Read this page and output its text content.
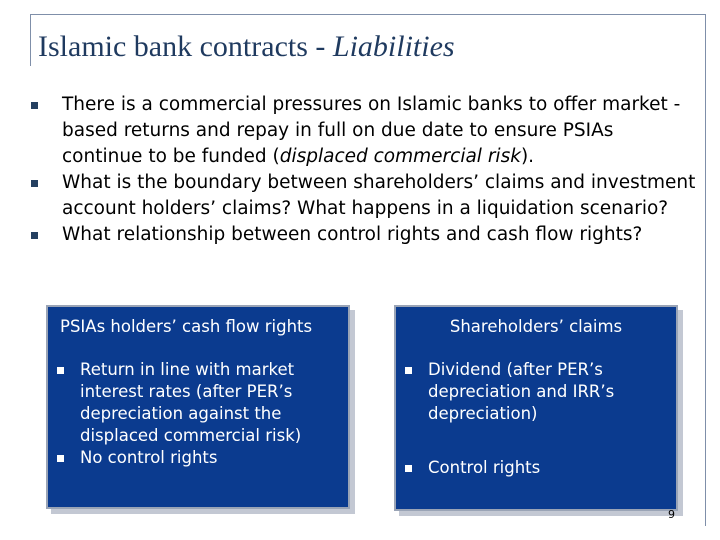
Islamic bank contracts - Liabilities
There is a commercial pressures on Islamic banks to offer market -based returns and repay in full on due date to ensure PSIAs continue to be funded (displaced commercial risk).
What is the boundary between shareholders’ claims and investment account holders’ claims? What happens in a liquidation scenario?
What relationship between control rights and cash flow rights?
PSIAs holders’ cash flow rights
Return in line with market interest rates (after PER’s depreciation against the displaced commercial risk)
No control rights
Shareholders’ claims
Dividend (after PER’s depreciation and IRR’s depreciation)
Control rights
9
